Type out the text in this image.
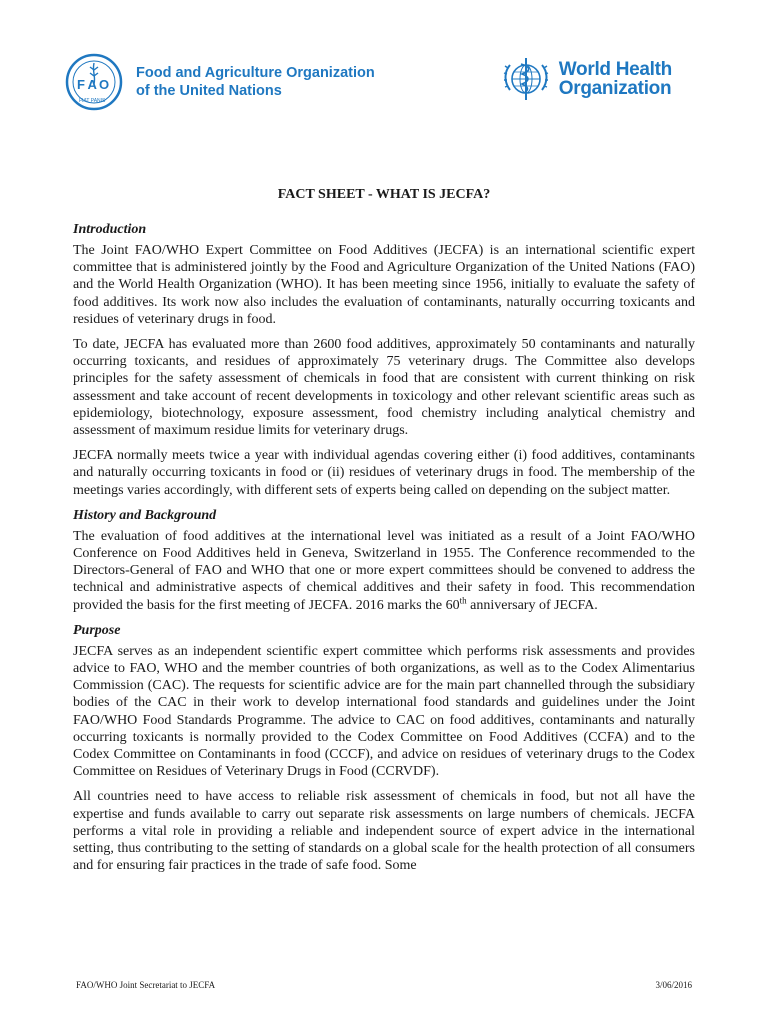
F A O
FIAT PANIS
Food and Agriculture Organization
of the United Nations
World Health
Organization
FACT SHEET - WHAT IS JECFA?
Introduction

The Joint FAO/WHO Expert Committee on Food Additives (JECFA) is an international scientific expert committee that is administered jointly by the Food and Agriculture Organization of the United Nations (FAO) and the World Health Organization (WHO). It has been meeting since 1956, initially to evaluate the safety of food additives. Its work now also includes the evaluation of contaminants, naturally occurring toxicants and residues of veterinary drugs in food.

To date, JECFA has evaluated more than 2600 food additives, approximately 50 contaminants and naturally occurring toxicants, and residues of approximately 75 veterinary drugs. The Committee also develops principles for the safety assessment of chemicals in food that are consistent with current thinking on risk assessment and take account of recent developments in toxicology and other relevant scientific areas such as epidemiology, biotechnology, exposure assessment, food chemistry including analytical chemistry and assessment of maximum residue limits for veterinary drugs.

JECFA normally meets twice a year with individual agendas covering either (i) food additives, contaminants and naturally occurring toxicants in food or (ii) residues of veterinary drugs in food. The membership of the meetings varies accordingly, with different sets of experts being called on depending on the subject matter.

History and Background

The evaluation of food additives at the international level was initiated as a result of a Joint FAO/WHO Conference on Food Additives held in Geneva, Switzerland in 1955. The Conference recommended to the Directors-General of FAO and WHO that one or more expert committees should be convened to address the technical and administrative aspects of chemical additives and their safety in food. This recommendation provided the basis for the first meeting of JECFA. 2016 marks the 60th anniversary of JECFA.

Purpose

JECFA serves as an independent scientific expert committee which performs risk assessments and provides advice to FAO, WHO and the member countries of both organizations, as well as to the Codex Alimentarius Commission (CAC). The requests for scientific advice are for the main part channelled through the subsidiary bodies of the CAC in their work to develop international food standards and guidelines under the Joint FAO/WHO Food Standards Programme. The advice to CAC on food additives, contaminants and naturally occurring toxicants is normally provided to the Codex Committee on Food Additives (CCFA) and to the Codex Committee on Contaminants in food (CCCF), and advice on residues of veterinary drugs to the Codex Committee on Residues of Veterinary Drugs in Food (CCRVDF).

All countries need to have access to reliable risk assessment of chemicals in food, but not all have the expertise and funds available to carry out separate risk assessments on large numbers of chemicals. JECFA performs a vital role in providing a reliable and independent source of expert advice in the international setting, thus contributing to the setting of standards on a global scale for the health protection of all consumers and for ensuring fair practices in the trade of safe food. Some

FAO/WHO Joint Secretariat to JECFA	3/06/2016
